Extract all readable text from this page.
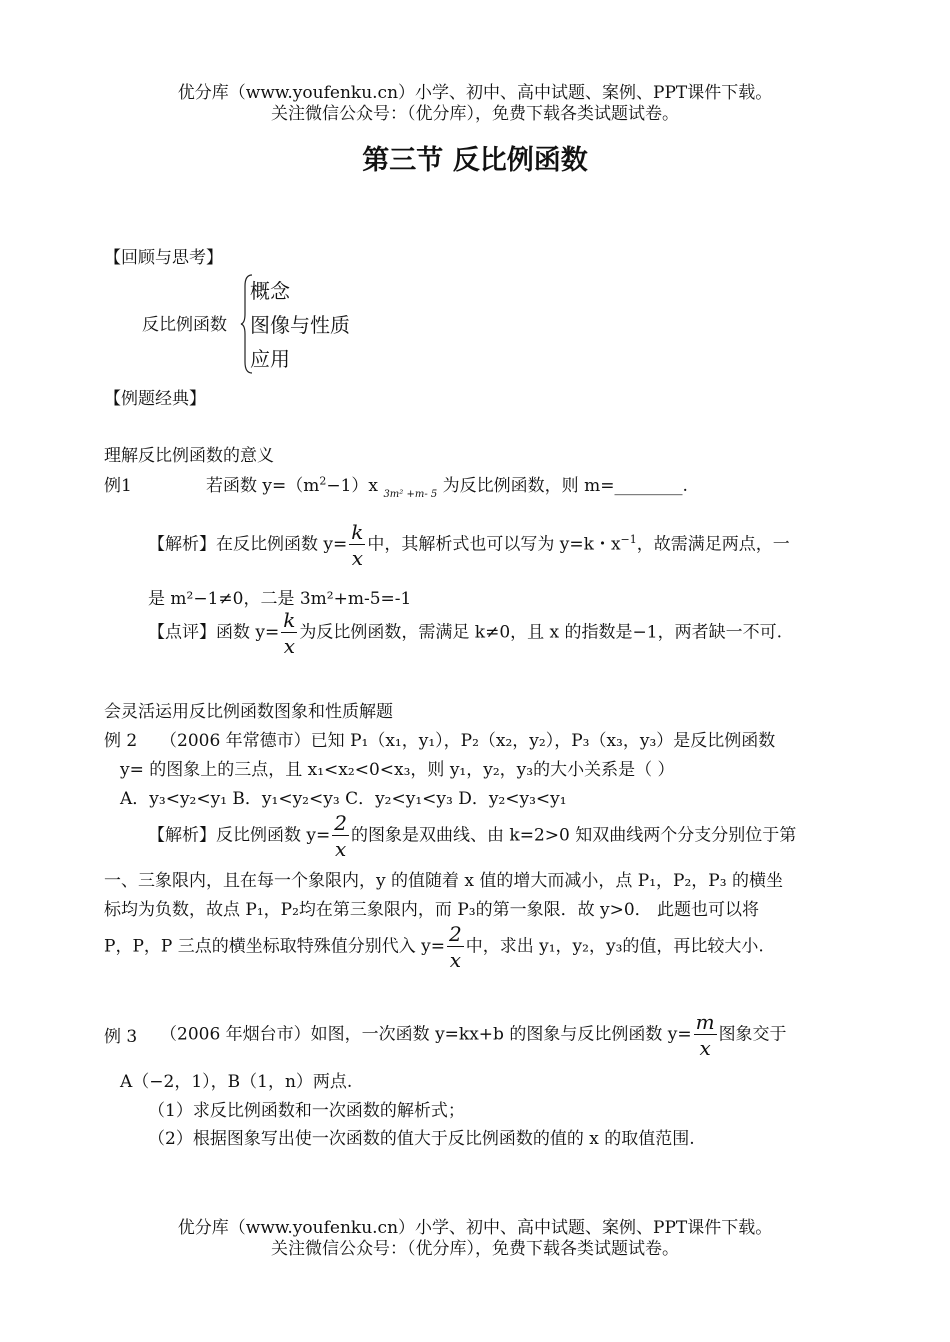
优分库（www.youfenku.cn）小学、初中、高中试题、案例、PPT课件下载。
关注微信公众号：（优分库），免费下载各类试题试卷。
第三节 反比例函数
【回顾与思考】
反比例函数
概念
图像与性质
应用
【例题经典】
理解反比例函数的意义
例1	若函数 $y=(m^2-1)x$ $_{3m^2 +m- 5}$ 为反比例函数，则 m=________.
【解析】在反比例函数 $y= \frac{k}{x}$ 中，其解析式也可以写为 y=k・$x^{-1}$，故需满足两点，一
是 m²−1≠0，二是 3m²+m-5=-1
【点评】函数 $y= \frac{k}{x}$ 为反比例函数，需满足 k≠0，且 x 的指数是−1，两者缺一不可.
会灵活运用反比例函数图象和性质解题
例 2 （2006 年常德市）已知 P₁（x₁，y₁），P₂（x₂，y₂），P₃（x₃，y₃）是反比例函数
y= 的图象上的三点，且 x₁<x₂<0<x₃，则 y₁，y₂，y₃的大小关系是（ ）
A．y₃<y₂<y₁ B．y₁<y₂<y₃ C．y₂<y₁<y₃ D．y₂<y₃<y₁
【解析】反比例函数 $y= \frac{2}{x}$ 的图象是双曲线、由 k=2>0 知双曲线两个分支分别位于第
一、三象限内，且在每一个象限内，y 的值随着 x 值的增大而减小，点 P₁，P₂，P₃ 的横坐
标均为负数，故点 P₁，P₂均在第三象限内，而 P₃的第一象限．故 y>0． 此题也可以将
P，P，P 三点的横坐标取特殊值分别代入 $y= \frac{2}{x}$ 中，求出 y₁，y₂，y₃的值，再比较大小.
例 3 （2006 年烟台市）如图，一次函数 y=kx+b 的图象与反比例函数 $y= \frac{m}{x}$ 图象交于
A（−2，1），B（1，n）两点.
（1）求反比例函数和一次函数的解析式；
（2）根据图象写出使一次函数的值大于反比例函数的值的 x 的取值范围.
优分库（www.youfenku.cn）小学、初中、高中试题、案例、PPT课件下载。
关注微信公众号：（优分库），免费下载各类试题试卷。
